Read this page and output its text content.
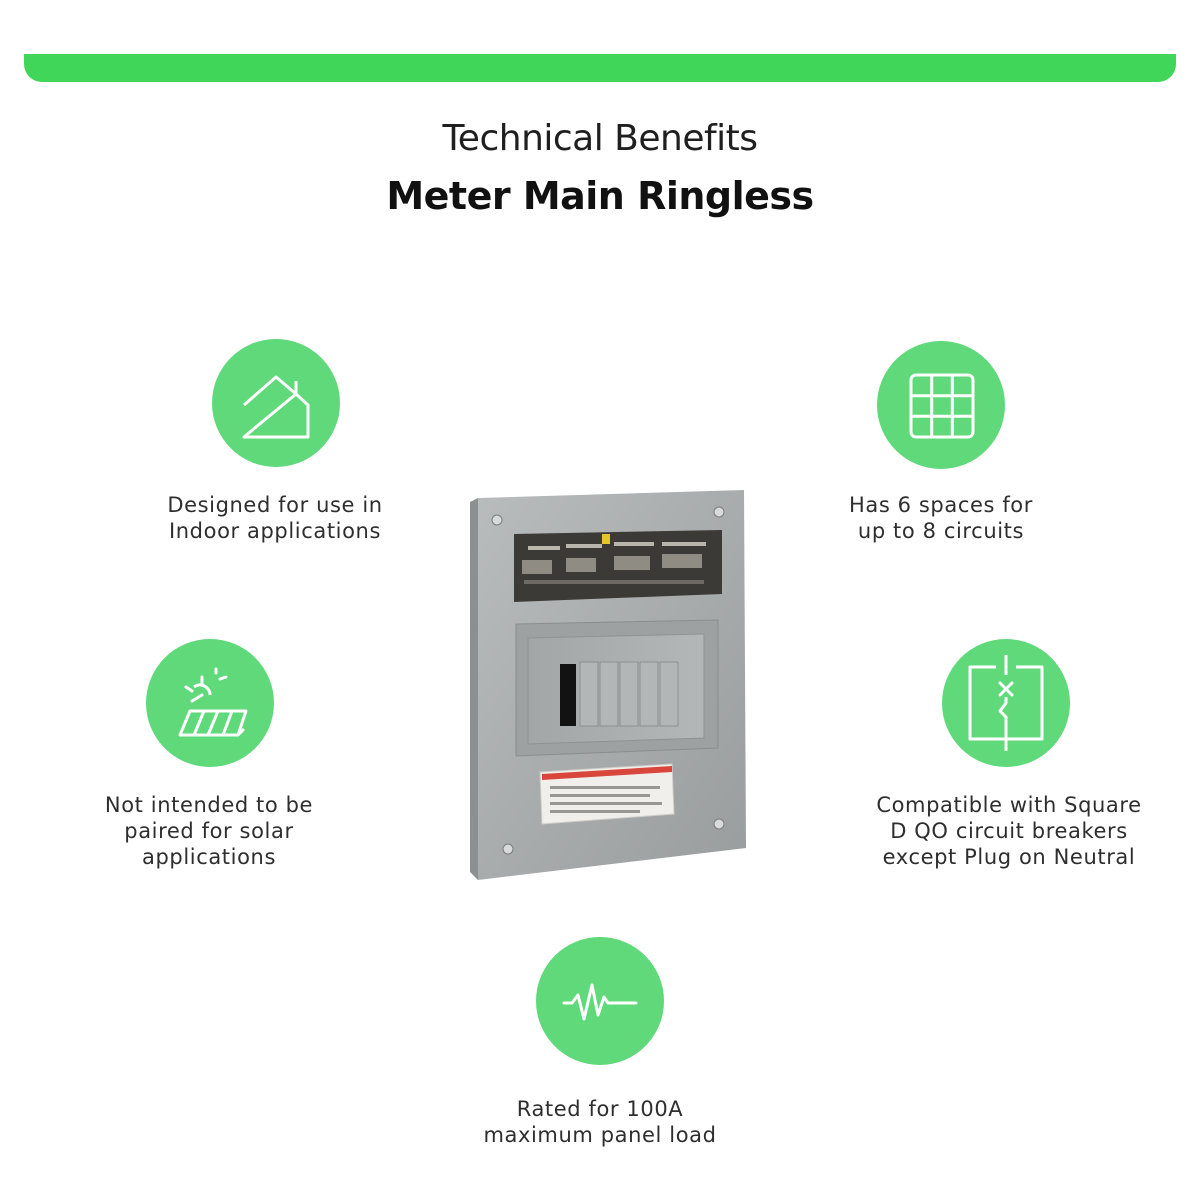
Technical Benefits
Meter Main Ringless
Designed for use in
Indoor applications
Has 6 spaces for
up to 8 circuits
Not intended to be
paired for solar
applications
Compatible with Square
D QO circuit breakers
except Plug on Neutral
Rated for 100A
maximum panel load
